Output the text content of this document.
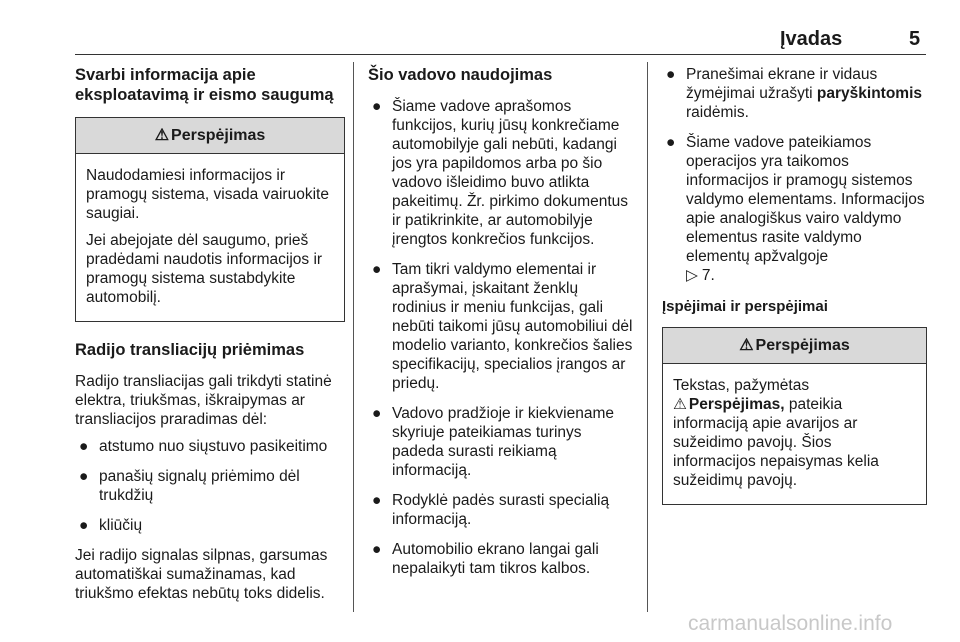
Įvadas	5
Svarbi informacija apie eksploatavimą ir eismo saugumą
⚠ Perspėjimas

Naudodamiesi informacijos ir pramogų sistema, visada vairuokite saugiai.

Jei abejojate dėl saugumo, prieš pradėdami naudotis informacijos ir pramogų sistema sustabdykite automobilį.

Radijo transliacijų priėmimas

Radijo transliacijas gali trikdyti statinė elektra, triukšmas, iškraipymas ar transliacijos praradimas dėl:

● atstumo nuo siųstuvo pasikeitimo
● panašių signalų priėmimo dėl trukdžių
● kliūčių

Jei radijo signalas silpnas, garsumas automatiškai sumažinamas, kad triukšmo efektas nebūtų toks didelis.

Šio vadovo naudojimas
● Šiame vadove aprašomos funkcijos, kurių jūsų konkrečiame automobilyje gali nebūti, kadangi jos yra papildomos arba po šio vadovo išleidimo buvo atlikta pakeitimų. Žr. pirkimo dokumentus ir patikrinkite, ar automobilyje įrengtos konkrečios funkcijos.
● Tam tikri valdymo elementai ir aprašymai, įskaitant ženklų rodinius ir meniu funkcijas, gali nebūti taikomi jūsų automobiliui dėl modelio varianto, konkrečios šalies specifikacijų, specialios įrangos ar priedų.
● Vadovo pradžioje ir kiekviename skyriuje pateikiamas turinys padeda surasti reikiamą informaciją.
● Rodyklė padės surasti specialią informaciją.
● Automobilio ekrano langai gali nepalaikyti tam tikros kalbos.
● Pranešimai ekrane ir vidaus žymėjimai užrašyti paryškintomis raidėmis.
● Šiame vadove pateikiamos operacijos yra taikomos informacijos ir pramogų sistemos valdymo elementams. Informacijos apie analogiškus vairo valdymo elementus rasite valdymo elementų apžvalgoje
▷ 7.
Įspėjimai ir perspėjimai
⚠ Perspėjimas

Tekstas, pažymėtas
⚠ Perspėjimas, pateikia informaciją apie avarijos ar sužeidimo pavojų. Šios informacijos nepaisymas kelia sužeidimų pavojų.

carmanualsonline.info
